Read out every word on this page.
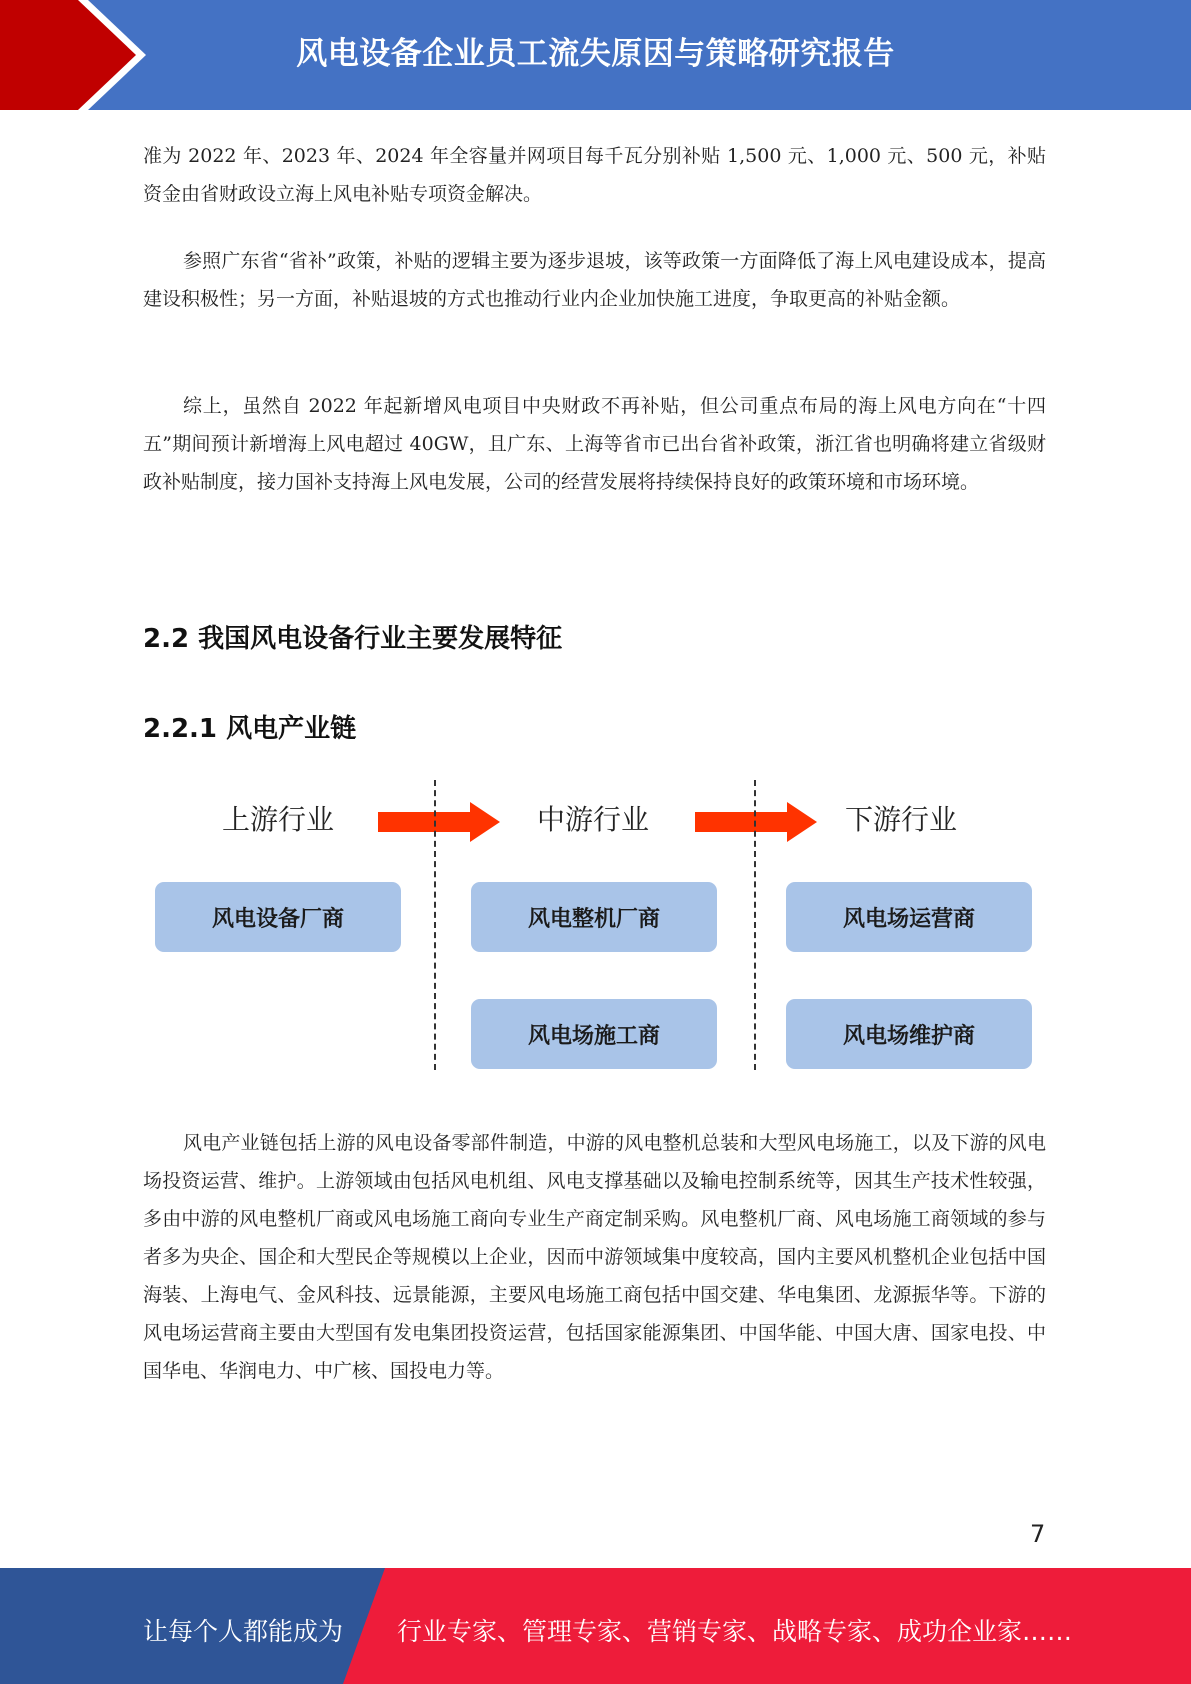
风电设备企业员工流失原因与策略研究报告

准为 2022 年、2023 年、2024 年全容量并网项目每千瓦分别补贴 1,500 元、1,000 元、500 元，补贴资金由省财政设立海上风电补贴专项资金解决。

参照广东省“省补”政策，补贴的逻辑主要为逐步退坡，该等政策一方面降低了海上风电建设成本，提高建设积极性；另一方面，补贴退坡的方式也推动行业内企业加快施工进度，争取更高的补贴金额。

综上，虽然自 2022 年起新增风电项目中央财政不再补贴，但公司重点布局的海上风电方向在“十四五”期间预计新增海上风电超过 40GW，且广东、上海等省市已出台省补政策，浙江省也明确将建立省级财政补贴制度，接力国补支持海上风电发展，公司的经营发展将持续保持良好的政策环境和市场环境。

2.2 我国风电设备行业主要发展特征
2.2.1 风电产业链
上游行业	中游行业	下游行业
风电设备厂商	风电整机厂商
风电场施工商
风电场运营商
风电场维护商

风电产业链包括上游的风电设备零部件制造，中游的风电整机总装和大型风电场施工，以及下游的风电场投资运营、维护。上游领域由包括风电机组、风电支撑基础以及输电控制系统等，因其生产技术性较强，多由中游的风电整机厂商或风电场施工商向专业生产商定制采购。风电整机厂商、风电场施工商领域的参与者多为央企、国企和大型民企等规模以上企业，因而中游领域集中度较高，国内主要风机整机企业包括中国海装、上海电气、金风科技、远景能源，主要风电场施工商包括中国交建、华电集团、龙源振华等。下游的风电场运营商主要由大型国有发电集团投资运营，包括国家能源集团、中国华能、中国大唐、国家电投、中国华电、华润电力、中广核、国投电力等。

7
让每个人都能成为 行业专家、管理专家、营销专家、战略专家、成功企业家……
